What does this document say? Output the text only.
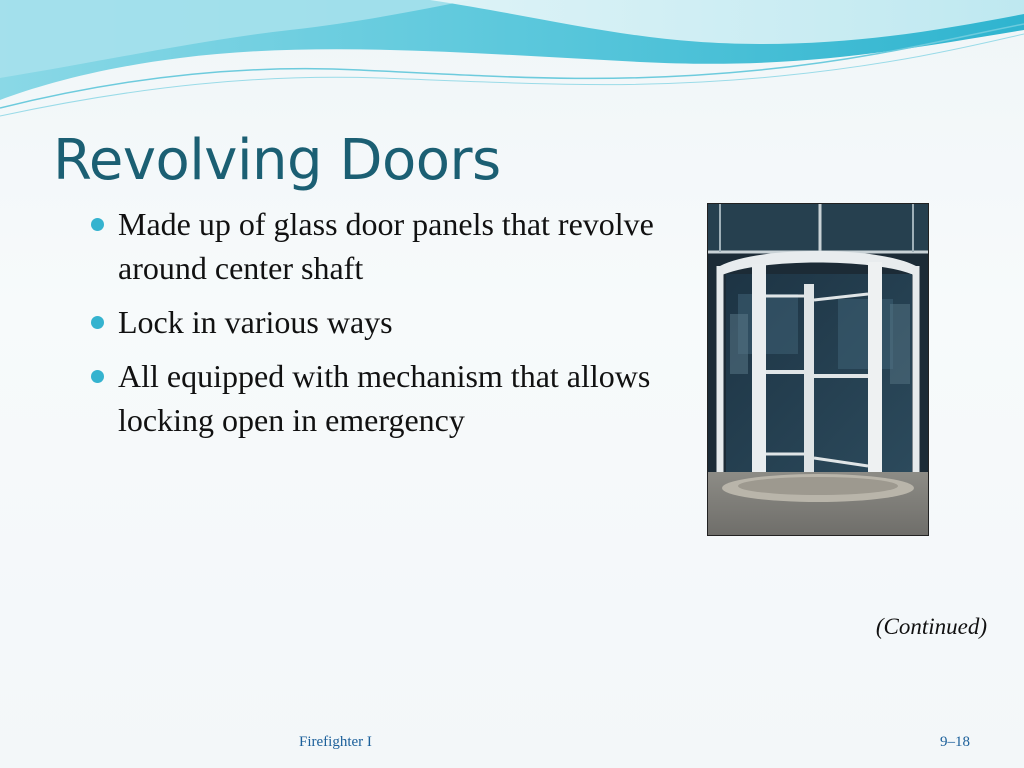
Revolving Doors
Made up of glass door panels that revolve around center shaft
Lock in various ways
All equipped with mechanism that allows locking open in emergency
(Continued)
Firefighter I	9–18
